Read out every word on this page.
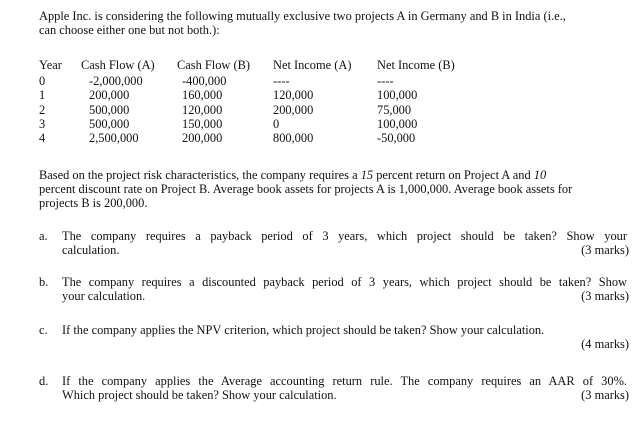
Apple Inc. is considering the following mutually exclusive two projects A in Germany and B in India (i.e.,
can choose either one but not both.):
Year Cash Flow (A) Cash Flow (B) Net Income (A) Net Income (B)
0	-2,000,000	-400,000	----	----
1	200,000	160,000	120,000	100,000
2	500,000	120,000	200,000	75,000
3	500,000	150,000	0	100,000
4	2,500,000	200,000	800,000	-50,000
Based on the project risk characteristics, the company requires a 15 percent return on Project A and 10
percent discount rate on Project B. Average book assets for projects A is 1,000,000. Average book assets for
projects B is 200,000.
a. The company requires a payback period of 3 years, which project should be taken? Show your
calculation.	(3 marks)
b. The company requires a discounted payback period of 3 years, which project should be taken? Show
your calculation.	(3 marks)
c. If the company applies the NPV criterion, which project should be taken? Show your calculation.
(4 marks)
d. If the company applies the Average accounting return rule. The company requires an AAR of 30%.
Which project should be taken? Show your calculation.	(3 marks)
